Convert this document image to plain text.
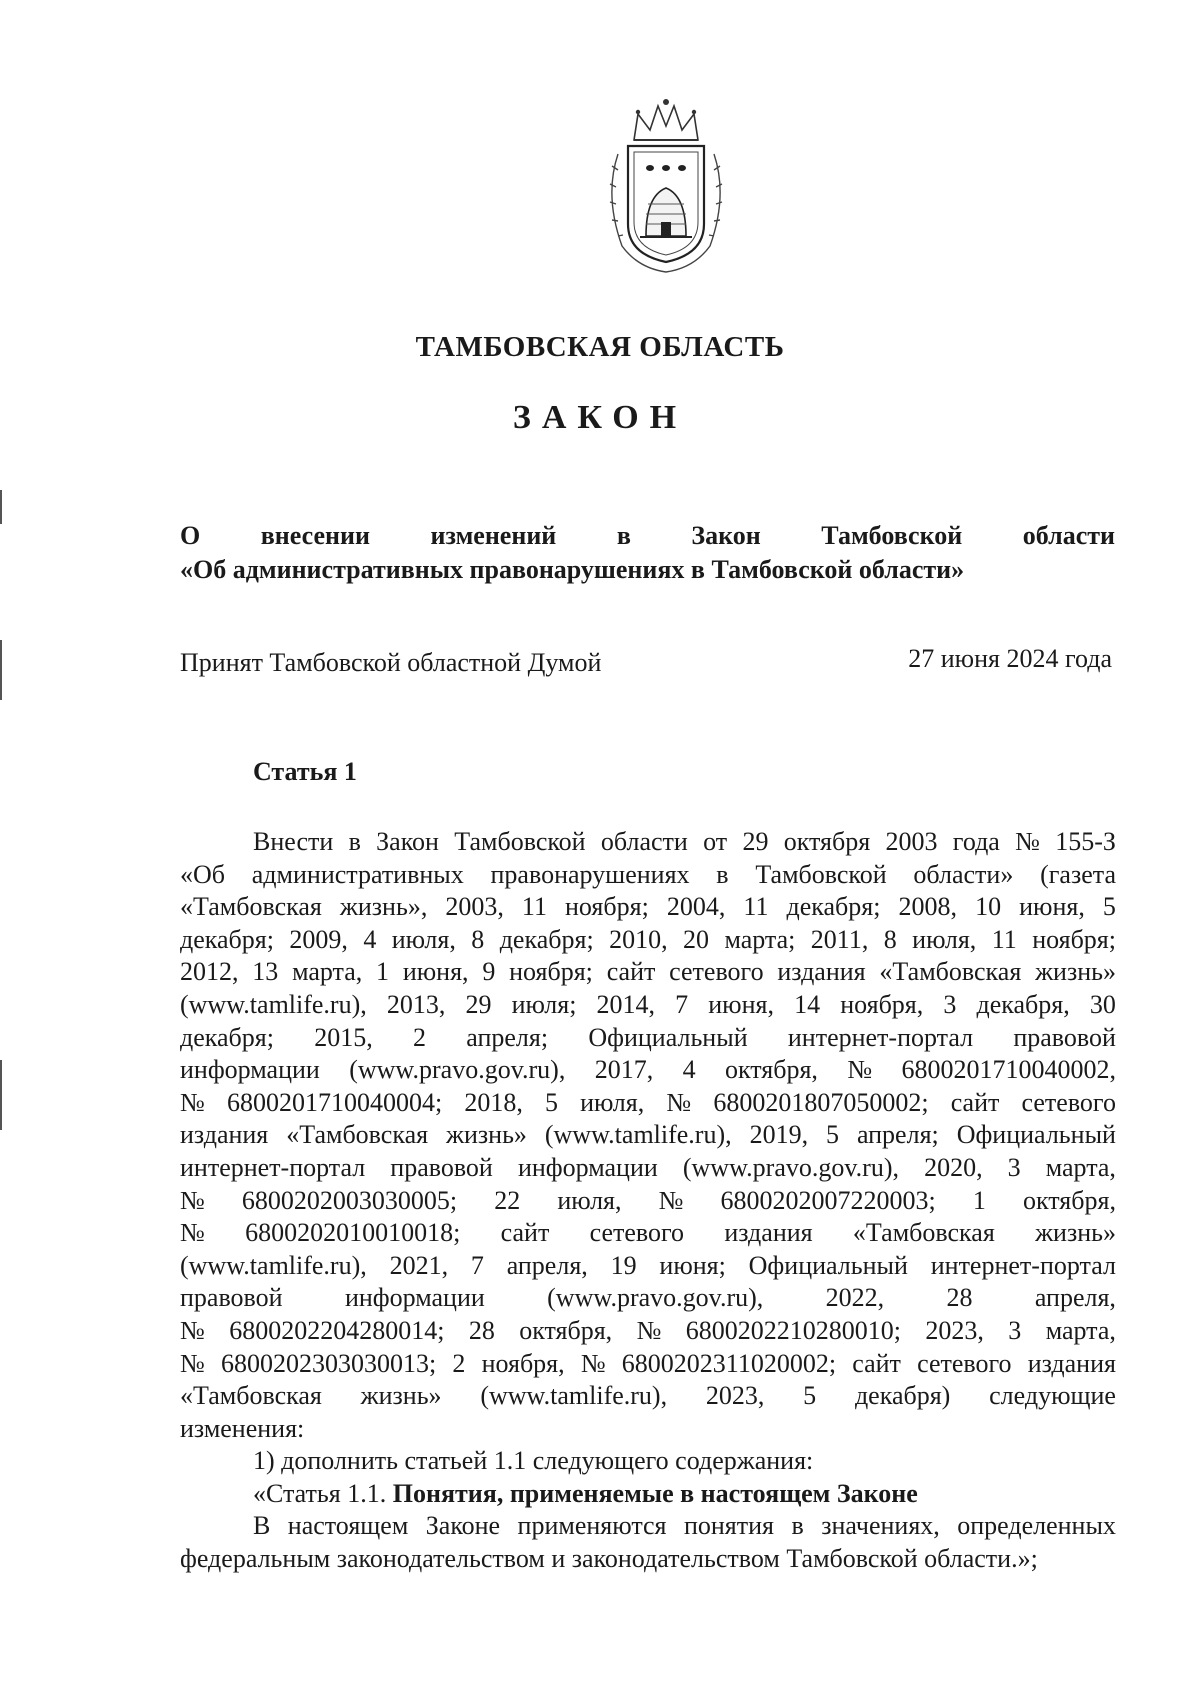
ТАМБОВСКАЯ ОБЛАСТЬ
ЗАКОН
О внесении изменений в Закон Тамбовской области
«Об административных правонарушениях в Тамбовской области»
Принят Тамбовской областной Думой	27 июня 2024 года
Статья 1
Внести в Закон Тамбовской области от 29 октября 2003 года № 155-З
«Об административных правонарушениях в Тамбовской области» (газета
«Тамбовская жизнь», 2003, 11 ноября; 2004, 11 декабря; 2008, 10 июня, 5
декабря; 2009, 4 июля, 8 декабря; 2010, 20 марта; 2011, 8 июля, 11 ноября;
2012, 13 марта, 1 июня, 9 ноября; сайт сетевого издания «Тамбовская жизнь»
(www.tamlife.ru), 2013, 29 июля; 2014, 7 июня, 14 ноября, 3 декабря, 30
декабря; 2015, 2 апреля; Официальный интернет-портал правовой
информации (www.pravo.gov.ru), 2017, 4 октября, № 6800201710040002,
№ 6800201710040004; 2018, 5 июля, № 6800201807050002; сайт сетевого
издания «Тамбовская жизнь» (www.tamlife.ru), 2019, 5 апреля; Официальный
интернет-портал правовой информации (www.pravo.gov.ru), 2020, 3 марта,
№ 6800202003030005; 22 июля, № 6800202007220003; 1 октября,
№ 6800202010010018; сайт сетевого издания «Тамбовская жизнь»
(www.tamlife.ru), 2021, 7 апреля, 19 июня; Официальный интернет-портал
правовой информации (www.pravo.gov.ru), 2022, 28 апреля,
№ 6800202204280014; 28 октября, № 6800202210280010; 2023, 3 марта,
№ 6800202303030013; 2 ноября, № 6800202311020002; сайт сетевого издания
«Тамбовская жизнь» (www.tamlife.ru), 2023, 5 декабря) следующие
изменения:
1) дополнить статьей 1.1 следующего содержания:
«Статья 1.1. Понятия, применяемые в настоящем Законе
В настоящем Законе применяются понятия в значениях, определенных
федеральным законодательством и законодательством Тамбовской области.»;
